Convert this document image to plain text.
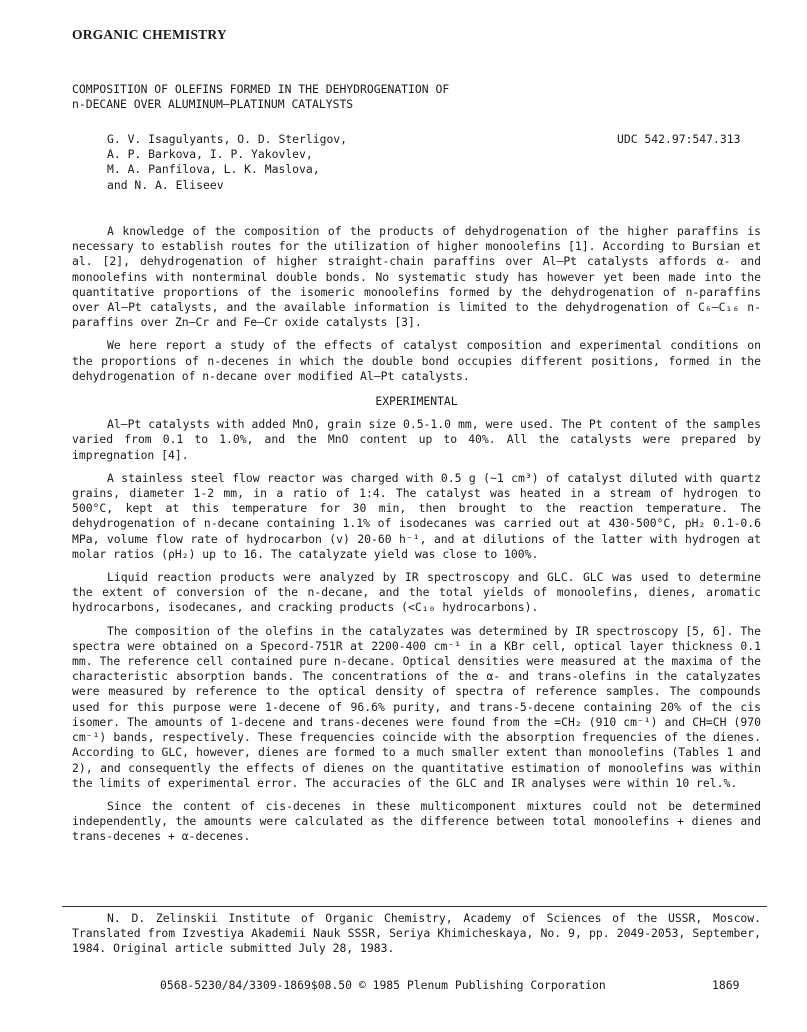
ORGANIC CHEMISTRY
COMPOSITION OF OLEFINS FORMED IN THE DEHYDROGENATION OF
n-DECANE OVER ALUMINUM—PLATINUM CATALYSTS
G. V. Isagulyants, O. D. Sterligov,
A. P. Barkova, I. P. Yakovlev,
M. A. Panfilova, L. K. Maslova,
and N. A. Eliseev
UDC 542.97:547.313

A knowledge of the composition of the products of dehydrogenation of the higher paraffins is necessary to establish routes for the utilization of higher monoolefins [1]. According to Bursian et al. [2], dehydrogenation of higher straight-chain paraffins over Al—Pt catalysts affords α- and monoolefins with nonterminal double bonds. No systematic study has however yet been made into the quantitative proportions of the isomeric monoolefins formed by the dehydrogenation of n-paraffins over Al—Pt catalysts, and the available information is limited to the dehydrogenation of C₆—C₁₆ n-paraffins over Zn—Cr and Fe—Cr oxide catalysts [3].

We here report a study of the effects of catalyst composition and experimental conditions on the proportions of n-decenes in which the double bond occupies different positions, formed in the dehydrogenation of n-decane over modified Al—Pt catalysts.

EXPERIMENTAL

Al—Pt catalysts with added MnO, grain size 0.5-1.0 mm, were used. The Pt content of the samples varied from 0.1 to 1.0%, and the MnO content up to 40%. All the catalysts were prepared by impregnation [4].

A stainless steel flow reactor was charged with 0.5 g (~1 cm³) of catalyst diluted with quartz grains, diameter 1-2 mm, in a ratio of 1:4. The catalyst was heated in a stream of hydrogen to 500°C, kept at this temperature for 30 min, then brought to the reaction temperature. The dehydrogenation of n-decane containing 1.1% of isodecanes was carried out at 430-500°C, pH₂ 0.1-0.6 MPa, volume flow rate of hydrocarbon (v) 20-60 h⁻¹, and at dilutions of the latter with hydrogen at molar ratios (ρH₂) up to 16. The catalyzate yield was close to 100%.

Liquid reaction products were analyzed by IR spectroscopy and GLC. GLC was used to determine the extent of conversion of the n-decane, and the total yields of monoolefins, dienes, aromatic hydrocarbons, isodecanes, and cracking products (<C₁₀ hydrocarbons).

The composition of the olefins in the catalyzates was determined by IR spectroscopy [5, 6]. The spectra were obtained on a Specord-751R at 2200-400 cm⁻¹ in a KBr cell, optical layer thickness 0.1 mm. The reference cell contained pure n-decane. Optical densities were measured at the maxima of the characteristic absorption bands. The concentrations of the α- and trans-olefins in the catalyzates were measured by reference to the optical density of spectra of reference samples. The compounds used for this purpose were 1-decene of 96.6% purity, and trans-5-decene containing 20% of the cis isomer. The amounts of 1-decene and trans-decenes were found from the =CH₂ (910 cm⁻¹) and CH=CH (970 cm⁻¹) bands, respectively. These frequencies coincide with the absorption frequencies of the dienes. According to GLC, however, dienes are formed to a much smaller extent than monoolefins (Tables 1 and 2), and consequently the effects of dienes on the quantitative estimation of monoolefins was within the limits of experimental error. The accuracies of the GLC and IR analyses were within 10 rel.%.

Since the content of cis-decenes in these multicomponent mixtures could not be determined independently, the amounts were calculated as the difference between total monoolefins + dienes and trans-decenes + α-decenes.

N. D. Zelinskii Institute of Organic Chemistry, Academy of Sciences of the USSR, Moscow. Translated from Izvestiya Akademii Nauk SSSR, Seriya Khimicheskaya, No. 9, pp. 2049-2053, September, 1984. Original article submitted July 28, 1983.

0568-5230/84/3309-1869$08.50 © 1985 Plenum Publishing Corporation	1869
